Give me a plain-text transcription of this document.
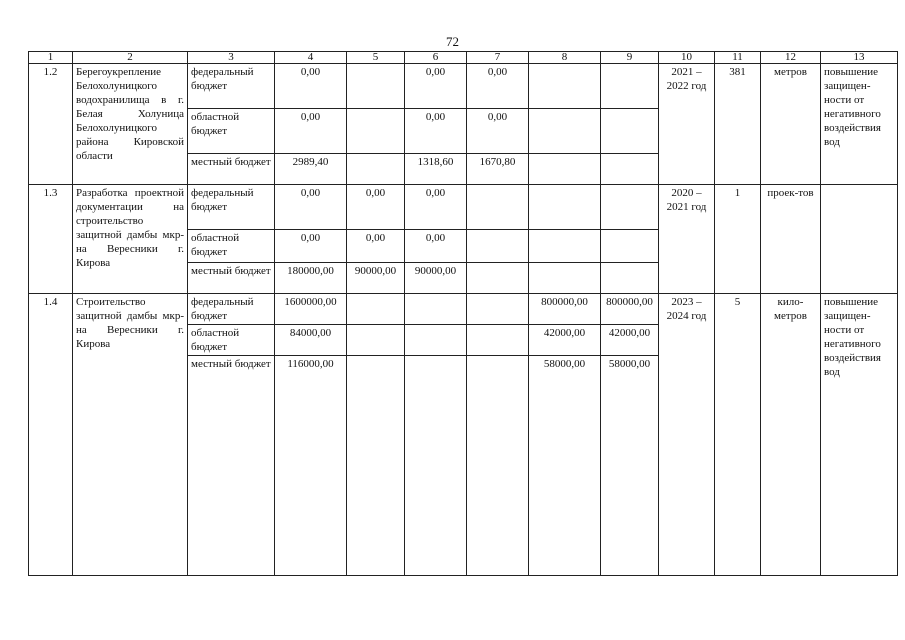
72
1	2	3	4	5	6	7	8	9	10	11	12	13
1.2	Берегоукрепление Белохолуницкого водохранилища в г. Белая Холуница Белохолуницкого района Кировской области	федеральный бюджет	0,00		0,00	0,00			2021 – 2022 год	381	метров	повышение защищен-ности от негативного воздействия вод
		областной бюджет	0,00		0,00	0,00						
		местный бюджет	2989,40		1318,60	1670,80						
1.3	Разработка проектной документации на строительство защитной дамбы мкр-на Вересники г. Кирова	федеральный бюджет	0,00	0,00	0,00				2020 – 2021 год	1	проек-тов	
		областной бюджет	0,00	0,00	0,00							
		местный бюджет	180000,00	90000,00	90000,00							
1.4	Строительство защитной дамбы мкр-на Вересники г. Кирова	федеральный бюджет	1600000,00				800000,00	800000,00	2023 – 2024 год	5	кило-метров	повышение защищен-ности от негативного воздействия вод
		областной бюджет	84000,00				42000,00	42000,00				
		местный бюджет	116000,00				58000,00	58000,00				
